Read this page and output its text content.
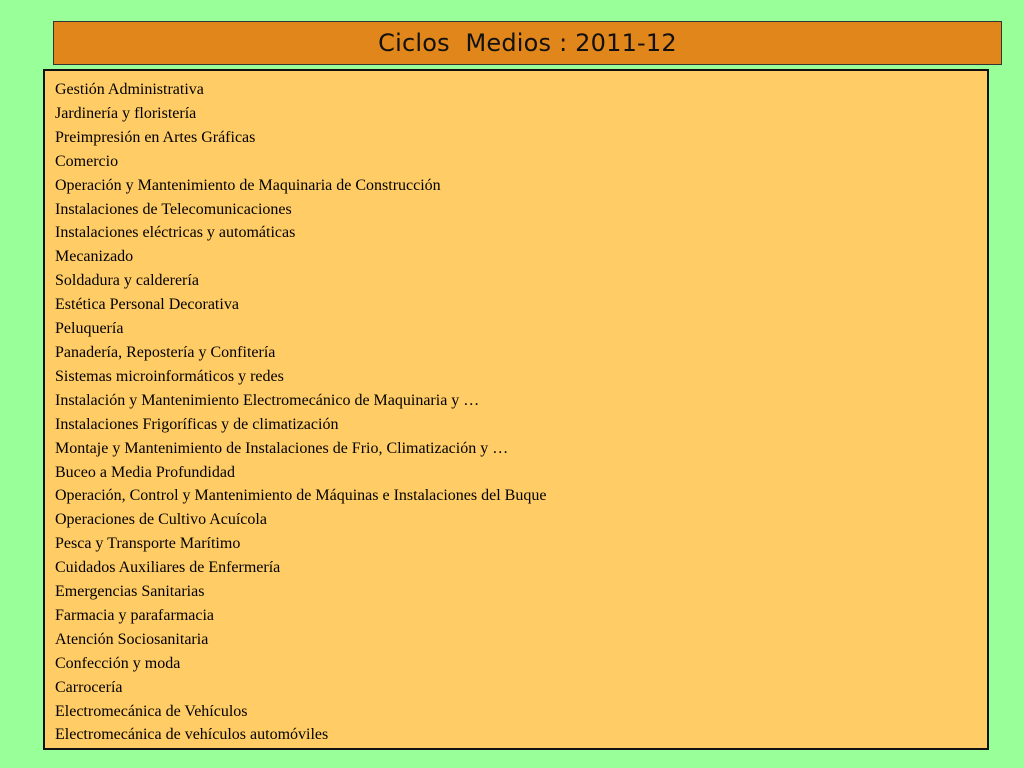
Ciclos  Medios : 2011-12
Gestión Administrativa
Jardinería y floristería
Preimpresión en Artes Gráficas
Comercio
Operación y Mantenimiento de Maquinaria de Construcción
Instalaciones de Telecomunicaciones
Instalaciones eléctricas y automáticas
Mecanizado
Soldadura y calderería
Estética Personal Decorativa
Peluquería
Panadería, Repostería y Confitería
Sistemas microinformáticos y redes
Instalación y Mantenimiento Electromecánico de Maquinaria y …
Instalaciones Frigoríficas y de climatización
Montaje y Mantenimiento de Instalaciones de Frio, Climatización y …
Buceo a Media Profundidad
Operación, Control y Mantenimiento de Máquinas e Instalaciones del Buque
Operaciones de Cultivo Acuícola
Pesca y Transporte Marítimo
Cuidados Auxiliares de Enfermería
Emergencias Sanitarias
Farmacia y parafarmacia
Atención Sociosanitaria
Confección y moda
Carrocería
Electromecánica de Vehículos
Electromecánica de vehículos automóviles
